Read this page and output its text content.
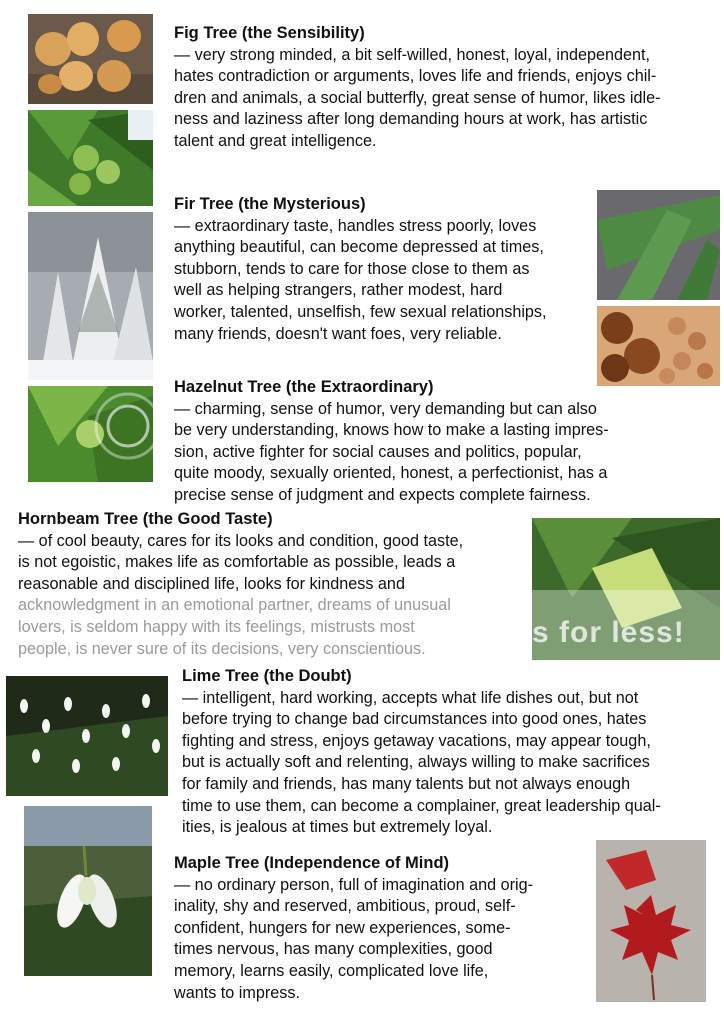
s for less!
Fig Tree (the Sensibility)
— very strong minded, a bit self-willed, honest, loyal, independent,
hates contradiction or arguments, loves life and friends, enjoys chil-
dren and animals, a social butterfly, great sense of humor, likes idle-
ness and laziness after long demanding hours at work, has artistic
talent and great intelligence.
Fir Tree (the Mysterious)
— extraordinary taste, handles stress poorly, loves
anything beautiful, can become depressed at times,
stubborn, tends to care for those close to them as
well as helping strangers, rather modest, hard
worker, talented, unselfish, few sexual relationships,
many friends, doesn't want foes, very reliable.
Hazelnut Tree (the Extraordinary)
— charming, sense of humor, very demanding but can also
be very understanding, knows how to make a lasting impres-
sion, active fighter for social causes and politics, popular,
quite moody, sexually oriented, honest, a perfectionist, has a
precise sense of judgment and expects complete fairness.
Hornbeam Tree (the Good Taste)
— of cool beauty, cares for its looks and condition, good taste,
is not egoistic, makes life as comfortable as possible, leads a
reasonable and disciplined life, looks for kindness and
acknowledgment in an emotional partner, dreams of unusual
lovers, is seldom happy with its feelings, mistrusts most
people, is never sure of its decisions, very conscientious.
Lime Tree (the Doubt)
— intelligent, hard working, accepts what life dishes out, but not
before trying to change bad circumstances into good ones, hates
fighting and stress, enjoys getaway vacations, may appear tough,
but is actually soft and relenting, always willing to make sacrifices
for family and friends, has many talents but not always enough
time to use them, can become a complainer, great leadership qual-
ities, is jealous at times but extremely loyal.
Maple Tree (Independence of Mind)
— no ordinary person, full of imagination and orig-
inality, shy and reserved, ambitious, proud, self-
confident, hungers for new experiences, some-
times nervous, has many complexities, good
memory, learns easily, complicated love life,
wants to impress.
